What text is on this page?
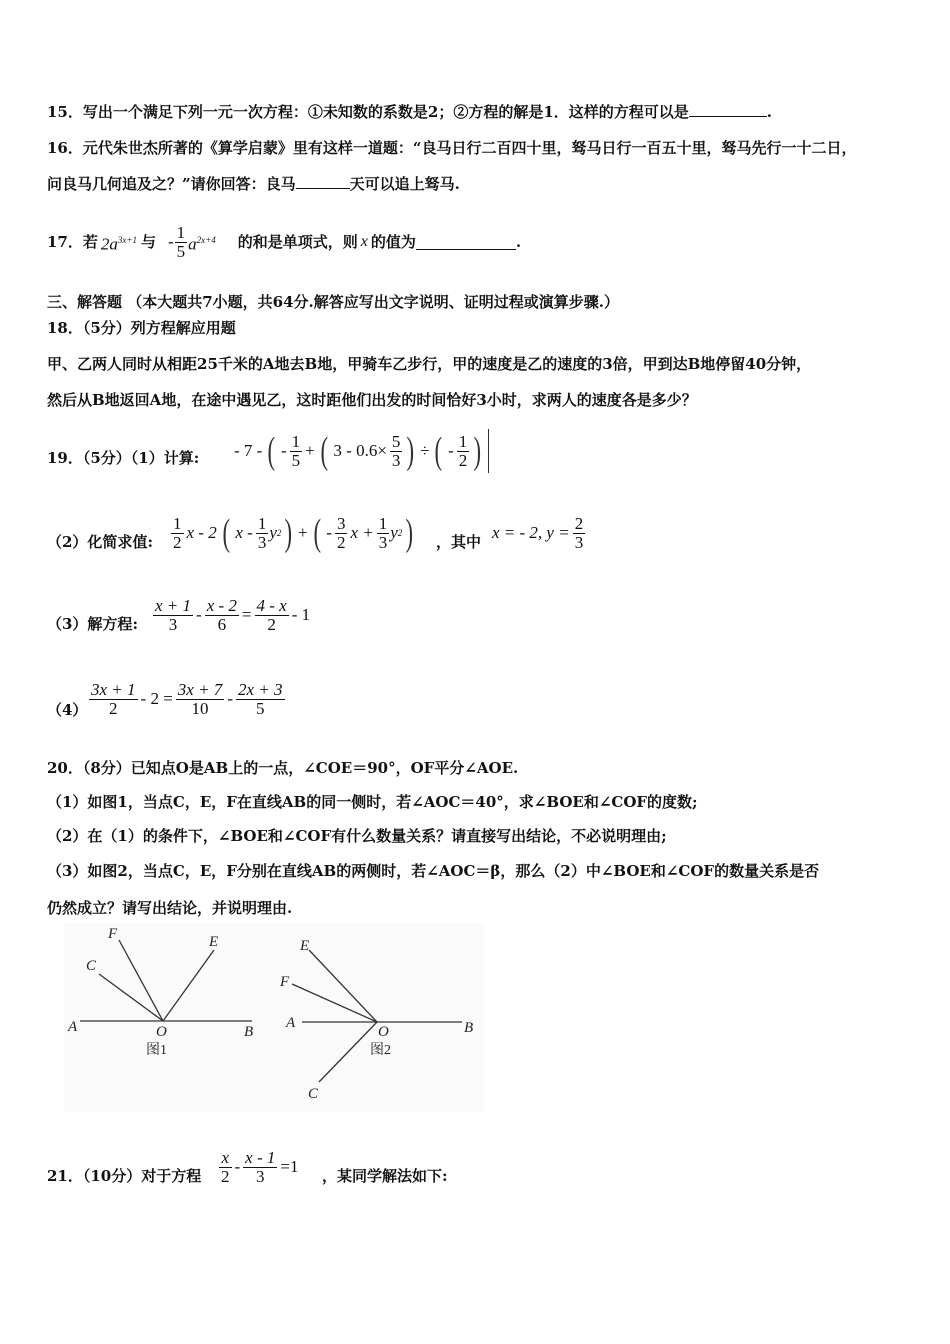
15．写出一个满足下列一元一次方程：①未知数的系数是2；②方程的解是1．这样的方程可以是	.
16．元代朱世杰所著的《算学启蒙》里有这样一道题：“良马日行二百四十里，驽马日行一百五十里，驽马先行一十二日，
问良马几何追及之？”请你回答：良马	天可以追上驽马.
17．若 $2a^{3x+1}$ 与 - $\frac{1}{5} a^{2x+4}$ 的和是单项式，则 x 的值为	.
三、解答题 （本大题共7小题，共64分.解答应写出文字说明、证明过程或演算步骤.）
18．（5分）列方程解应用题
甲、乙两人同时从相距25千米的A地去B地，甲骑车乙步行，甲的速度是乙的速度的3倍，甲到达B地停留40分钟，
然后从B地返回A地，在途中遇见乙，这时距他们出发的时间恰好3小时，求两人的速度各是多少？
19．（5分）（1）计算: - 7 - ( - $\frac{1}{5}$ + ( $3 - 0.6\times \frac{5}{3}$ ) ÷ ( - $\frac{1}{2}$ )
（2）化简求值: $\frac{1}{2}$ x - 2 ( x - $\frac{1}{3}$ y 2 ) + ( - $\frac{3}{2}$ $x + \frac{1}{3}$ y 2 ) ，其中 x = - 2, $y = \frac{2}{3}$
（3）解方程: $\frac{x + 1}{3} - \frac{x - 2}{6} = \frac{4 - x}{2} - 1$
$(4) \frac{3x + 1}{2} - 2 = \frac{3x + 7}{10} - \frac{2x + 3}{5}$
20．（8分）已知点O是AB上的一点，∠COE＝90°，OF平分∠AOE.
（1）如图1，当点C，E，F在直线AB的同一侧时，若∠AOC＝40°，求∠BOE和∠COF的度数;
（2）在（1）的条件下，∠BOE和∠COF有什么数量关系？请直接写出结论，不必说明理由;
（3）如图2，当点C，E，F分别在直线AB的两侧时，若∠AOC＝β，那么（2）中∠BOE和∠COF的数量关系是否
仍然成立？请写出结论，并说明理由.
F	E
C
A	O	B
图1
E
F
A
O	B
C
图2
21．（10分）对于方程 $\frac{x}{2} - \frac{x - 1}{3} =1$ ，某同学解法如下:
